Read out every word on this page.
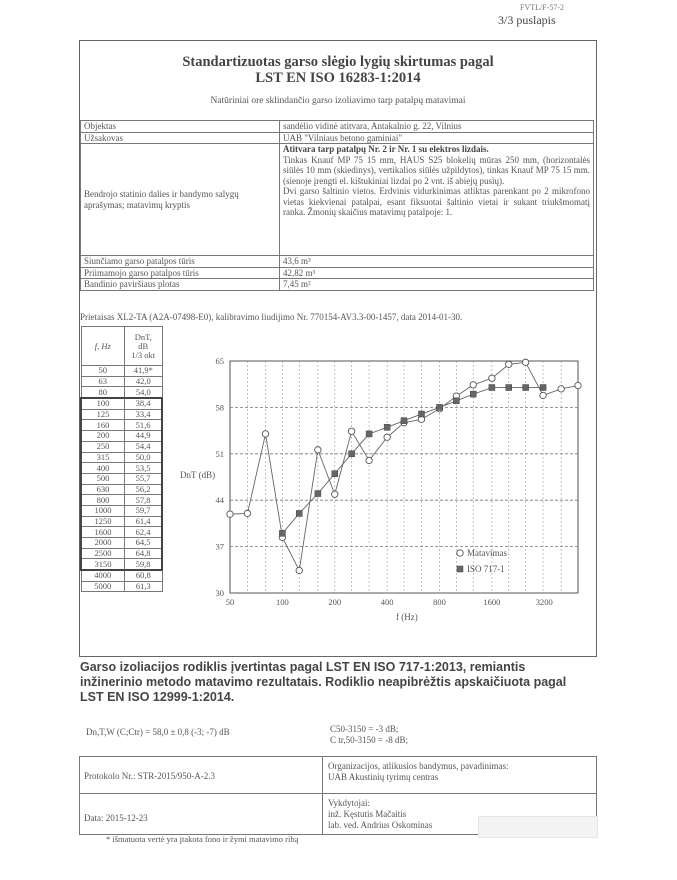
FVTL/F-57-2
3/3 puslapis
Standartizuotas garso slėgio lygių skirtumas pagal
LST EN ISO 16283-1:2014
Natūriniai ore sklindančio garso izoliavimo tarp patalpų matavimai
Objektas	sandėlio vidinė atitvara, Antakalnio g. 22, Vilnius
Užsakovas	UAB "Vilniaus betono gaminiai"
Bendrojo statinio dalies ir bandymo salygų aprašymas; matavimų kryptis	Atitvara tarp patalpų Nr. 2 ir Nr. 1 su elektros lizdais.
Tinkas Knauf MP 75 15 mm, HAUS S25 blokelių mūras 250 mm, (horizontalės siūlės 10 mm (skiedinys), vertikalios siūlės užpildytos), tinkas Knauf MP 75 15 mm. (sienoje įrengti el. kištukiniai lizdai po 2 vnt. iš abiejų pusių).
Dvi garso šaltinio vietos. Erdvinis vidurkinimas atliktas parenkant po 2 mikrofono vietas kiekvienai patalpai, esant fiksuotai šaltinio vietai ir sukant triukšmomatį ranka. Žmonių skaičius matavimų patalpoje: 1.

Siunčiamo garso patalpos tūris	43,6 m³
Priimamojo garso patalpos tūris	42,82 m³
Bandinio paviršiaus plotas	7,45 m²
Prietaisas XL2-TA (A2A-07498-E0), kalibravimo liudijimo Nr. 770154-AV3.3-00-1457, data 2014-01-30.
f, Hz	DnT,
dB
1/3 okt

50	41,9*
63	42,0
80	54,0
100	38,4
125	33,4
160	51,6
200	44,9
250	54,4
315	50,0
400	53,5
500	55,7
630	56,2
800	57,8
1000	59,7
1250	61,4
1600	62,4
2000	64,5
2500	64,8
3150	59,8
4000	60,8
5000	61,3
65
58
51
44
37
30
50	100	200	400	800	1600	3200
Matavimas
ISO 717-1
DnT (dB)
f (Hz)
Garso izoliacijos rodiklis įvertintas pagal LST EN ISO 717-1:2013, remiantis inžinerinio metodo matavimo rezultatais. Rodiklio neapibrėžtis apskaičiuota pagal LST EN ISO 12999-1:2014.
Dn,T,W (C;Ctr) = 58,0 ± 0,8 (-3; -7) dB	C50-3150 = -3 dB;
C tr,50-3150 = -8 dB;
Protokolo Nr.: STR-2015/950-A-2.3
Data: 2015-12-23
Organizacijos, atlikusios bandymus, pavadinimas:
UAB Akustinių tyrimų centras
Vykdytojai:
inž. Kęstutis Mačaitis
lab. ved. Andrius Oskominas
* išmatuota vertė yra įtakota fono ir žymi matavimo ribą
